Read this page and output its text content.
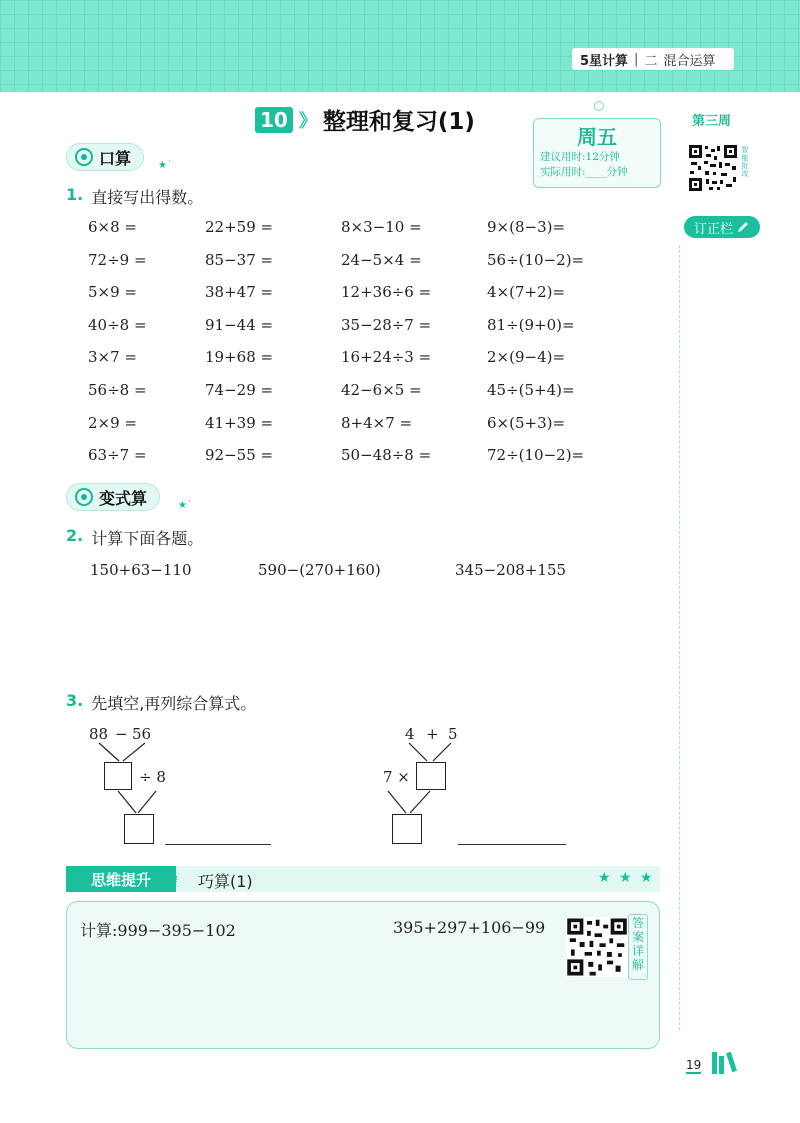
5星计算 | 二 混合运算
10 》 整理和复习(1)
周五
建议用时:12分钟
实际用时:____分钟
第三周
智能批改
订正栏
口算	★˙
1. 直接写出得数。
6×8 =	22+59 =	8×3−10 =	9×(8−3)=
72÷9 =	85−37 =	24−5×4 =	56÷(10−2)=
5×9 =	38+47 =	12+36÷6 =	4×(7+2)=
40÷8 =	91−44 =	35−28÷7 =	81÷(9+0)=
3×7 =	19+68 =	16+24÷3 =	2×(9−4)=
56÷8 =	74−29 =	42−6×5 =	45÷(5+4)=
2×9 =	41+39 =	8+4×7 =	6×(5+3)=
63÷7 =	92−55 =	50−48÷8 =	72÷(10−2)=
变式算	★˙
2. 计算下面各题。
150+63−110	590−(270+160)	345−208+155
3. 先填空,再列综合算式。
88 − 56
÷ 8
4 + 5
7 ×
思维提升	巧算(1)	★ ★ ★
计算:999−395−102	395+297+106−99	答案详解
19
